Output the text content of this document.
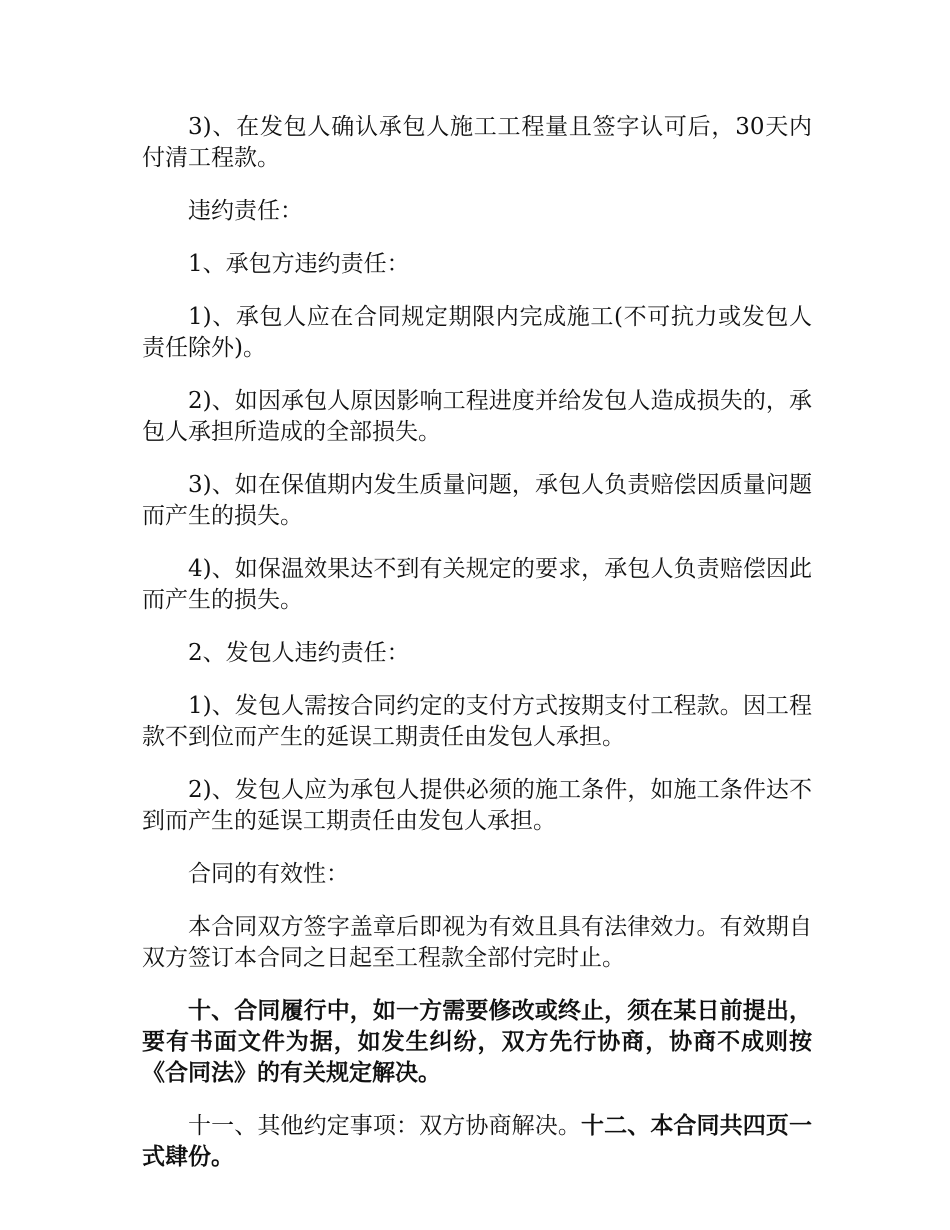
3)、在发包人确认承包人施工工程量且签字认可后，30天内付清工程款。

违约责任：

1、承包方违约责任：

1)、承包人应在合同规定期限内完成施工(不可抗力或发包人责任除外)。

2)、如因承包人原因影响工程进度并给发包人造成损失的，承包人承担所造成的全部损失。

3)、如在保值期内发生质量问题，承包人负责赔偿因质量问题而产生的损失。

4)、如保温效果达不到有关规定的要求，承包人负责赔偿因此而产生的损失。

2、发包人违约责任：

1)、发包人需按合同约定的支付方式按期支付工程款。因工程款不到位而产生的延误工期责任由发包人承担。

2)、发包人应为承包人提供必须的施工条件，如施工条件达不到而产生的延误工期责任由发包人承担。

合同的有效性：

本合同双方签字盖章后即视为有效且具有法律效力。有效期自双方签订本合同之日起至工程款全部付完时止。

十、合同履行中，如一方需要修改或终止，须在某日前提出，要有书面文件为据，如发生纠纷，双方先行协商，协商不成则按《合同法》的有关规定解决。

十一、其他约定事项：双方协商解决。十二、本合同共四页一式肆份。
